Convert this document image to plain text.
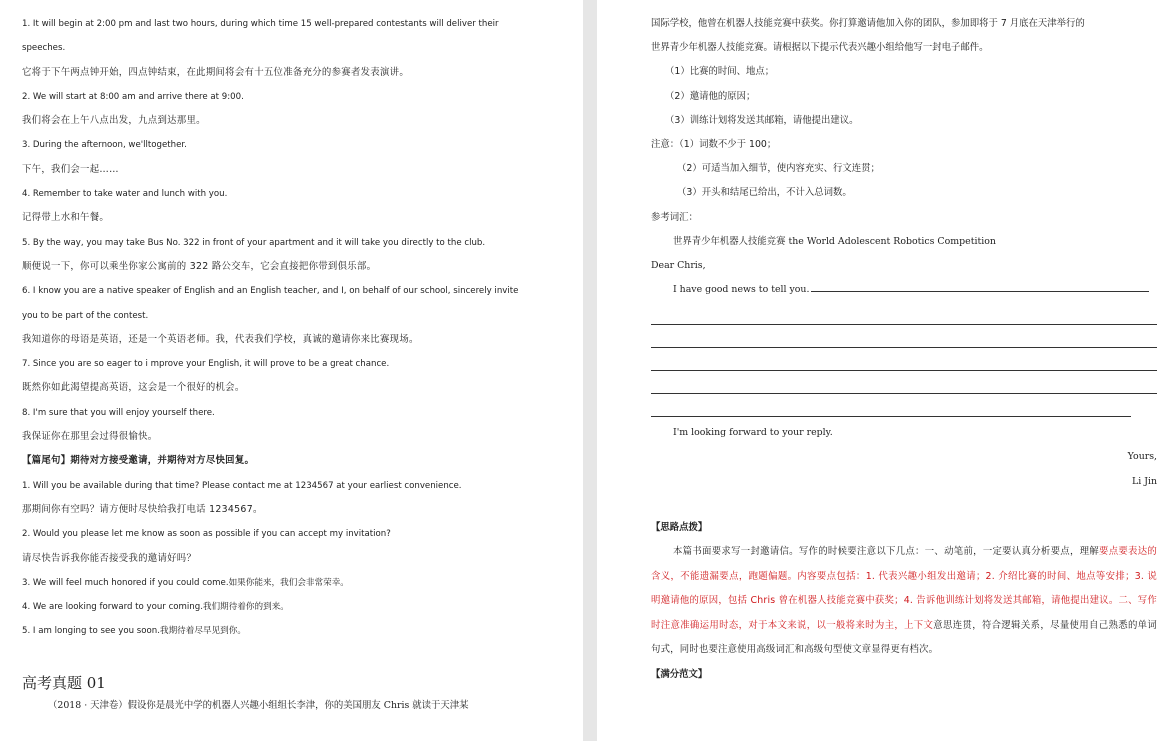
1. It will begin at 2:00 pm and last two hours, during which time 15 well-prepared contestants will deliver their
speeches.
它将于下午两点钟开始，四点钟结束，在此期间将会有十五位准备充分的参赛者发表演讲。
2. We will start at 8:00 am and arrive there at 9:00.
我们将会在上午八点出发，九点到达那里。
3. During the afternoon, we'lltogether.
下午，我们会一起……
4. Remember to take water and lunch with you.
记得带上水和午餐。
5. By the way, you may take Bus No. 322 in front of your apartment and it will take you directly to the club.
顺便说一下，你可以乘坐你家公寓前的 322 路公交车，它会直接把你带到俱乐部。
6. I know you are a native speaker of English and an English teacher, and I, on behalf of our school, sincerely invite
you to be part of the contest.
我知道你的母语是英语，还是一个英语老师。我，代表我们学校，真诚的邀请你来比赛现场。
7. Since you are so eager to i mprove your English, it will prove to be a great chance.
既然你如此渴望提高英语，这会是一个很好的机会。
8. I'm sure that you will enjoy yourself there.
我保证你在那里会过得很愉快。
【篇尾句】期待对方接受邀请，并期待对方尽快回复。
1. Will you be available during that time? Please contact me at 1234567 at your earliest convenience.
那期间你有空吗？请方便时尽快给我打电话 1234567。
2. Would you please let me know as soon as possible if you can accept my invitation?
请尽快告诉我你能否接受我的邀请好吗？
3. We will feel much honored if you could come.如果你能来，我们会非常荣幸。
4. We are looking forward to your coming.我们期待着你的到来。
5. I am longing to see you soon.我期待着尽早见到你。
高考真题 01
（2018 · 天津卷）假设你是晨光中学的机器人兴趣小组组长李津，你的美国朋友 Chris 就读于天津某
国际学校，他曾在机器人技能竞赛中获奖。你打算邀请他加入你的团队，参加即将于 7 月底在天津举行的
世界青少年机器人技能竞赛。请根据以下提示代表兴趣小组给他写一封电子邮件。
（1）比赛的时间、地点；
（2）邀请他的原因；
（3）训练计划将发送其邮箱，请他提出建议。
注意：（1）词数不少于 100；
（2）可适当加入细节，使内容充实、行文连贯；
（3）开头和结尾已给出，不计入总词数。
参考词汇：
世界青少年机器人技能竞赛 the World Adolescent Robotics Competition
Dear Chris,
I have good news to tell you.
I'm looking forward to your reply.
Yours,
Li Jin
【思路点拨】
本篇书面要求写一封邀请信。写作的时候要注意以下几点：一、动笔前，一定要认真分析要点，理解要点要表达的含义，不能遗漏要点，跑题偏题。内容要点包括：1. 代表兴趣小组发出邀请；2. 介绍比赛的时间、地点等安排；3. 说明邀请他的原因，包括 Chris 曾在机器人技能竞赛中获奖；4. 告诉他训练计划将发送其邮箱，请他提出建议。二、写作时注意准确运用时态，对于本文来说，以一般将来时为主，上下文意思连贯，符合逻辑关系，尽量使用自己熟悉的单词句式，同时也要注意使用高级词汇和高级句型使文章显得更有档次。
【满分范文】
